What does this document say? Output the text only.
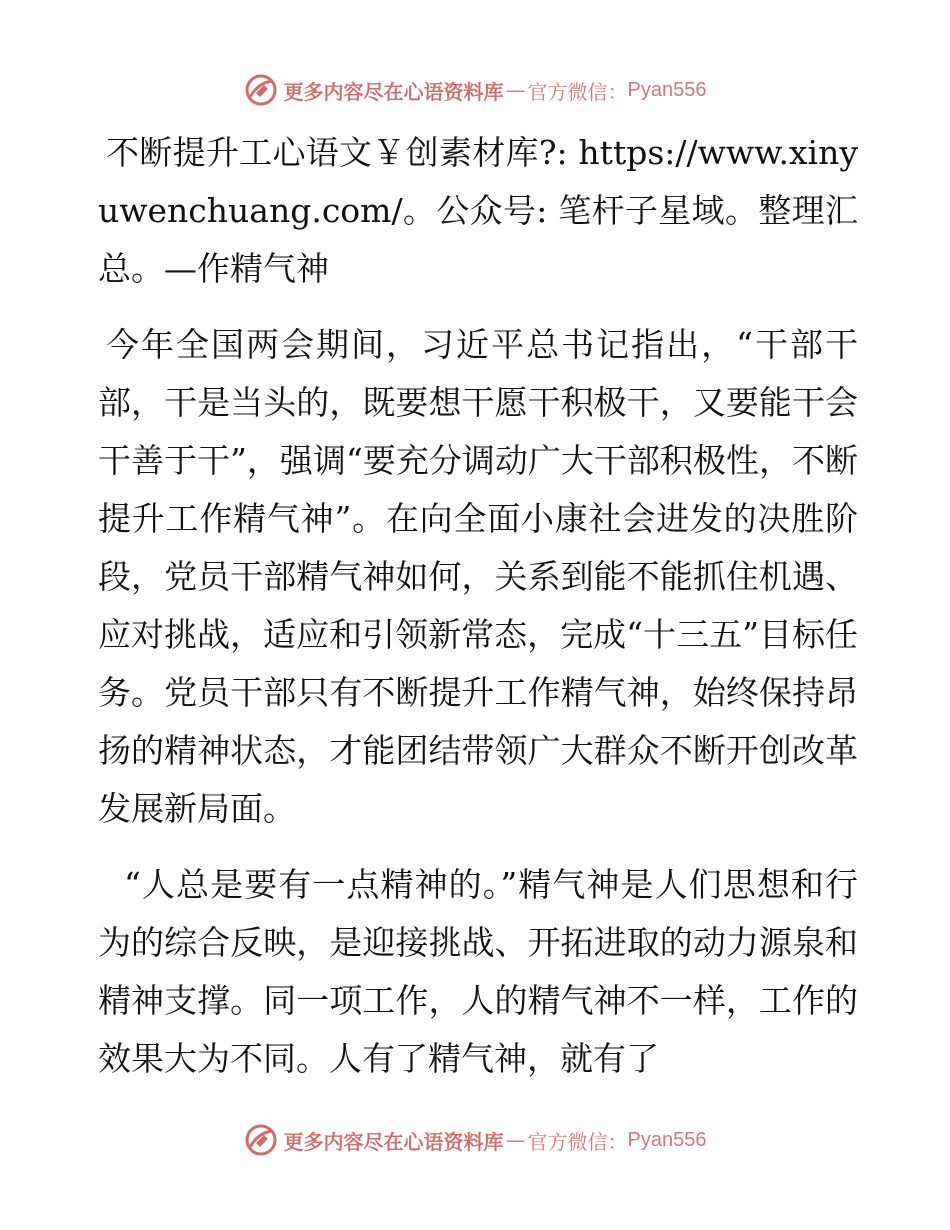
更多内容尽在心语资料库 — 官方微信： Pyan556

不断提升工心语文￥创素材库?: https://www.xinyuwenchuang.com/。公众号: 笔杆子星域。整理汇总。—作精气神

今年全国两会期间，习近平总书记指出，“干部干部，干是当头的，既要想干愿干积极干，又要能干会干善于干”，强调“要充分调动广大干部积极性，不断提升工作精气神”。在向全面小康社会进发的决胜阶段，党员干部精气神如何，关系到能不能抓住机遇、应对挑战，适应和引领新常态，完成“十三五”目标任务。党员干部只有不断提升工作精气神，始终保持昂扬的精神状态，才能团结带领广大群众不断开创改革发展新局面。

“人总是要有一点精神的。”精气神是人们思想和行为的综合反映，是迎接挑战、开拓进取的动力源泉和精神支撑。同一项工作，人的精气神不一样，工作的效果大为不同。人有了精气神，就有了

更多内容尽在心语资料库 — 官方微信： Pyan556
